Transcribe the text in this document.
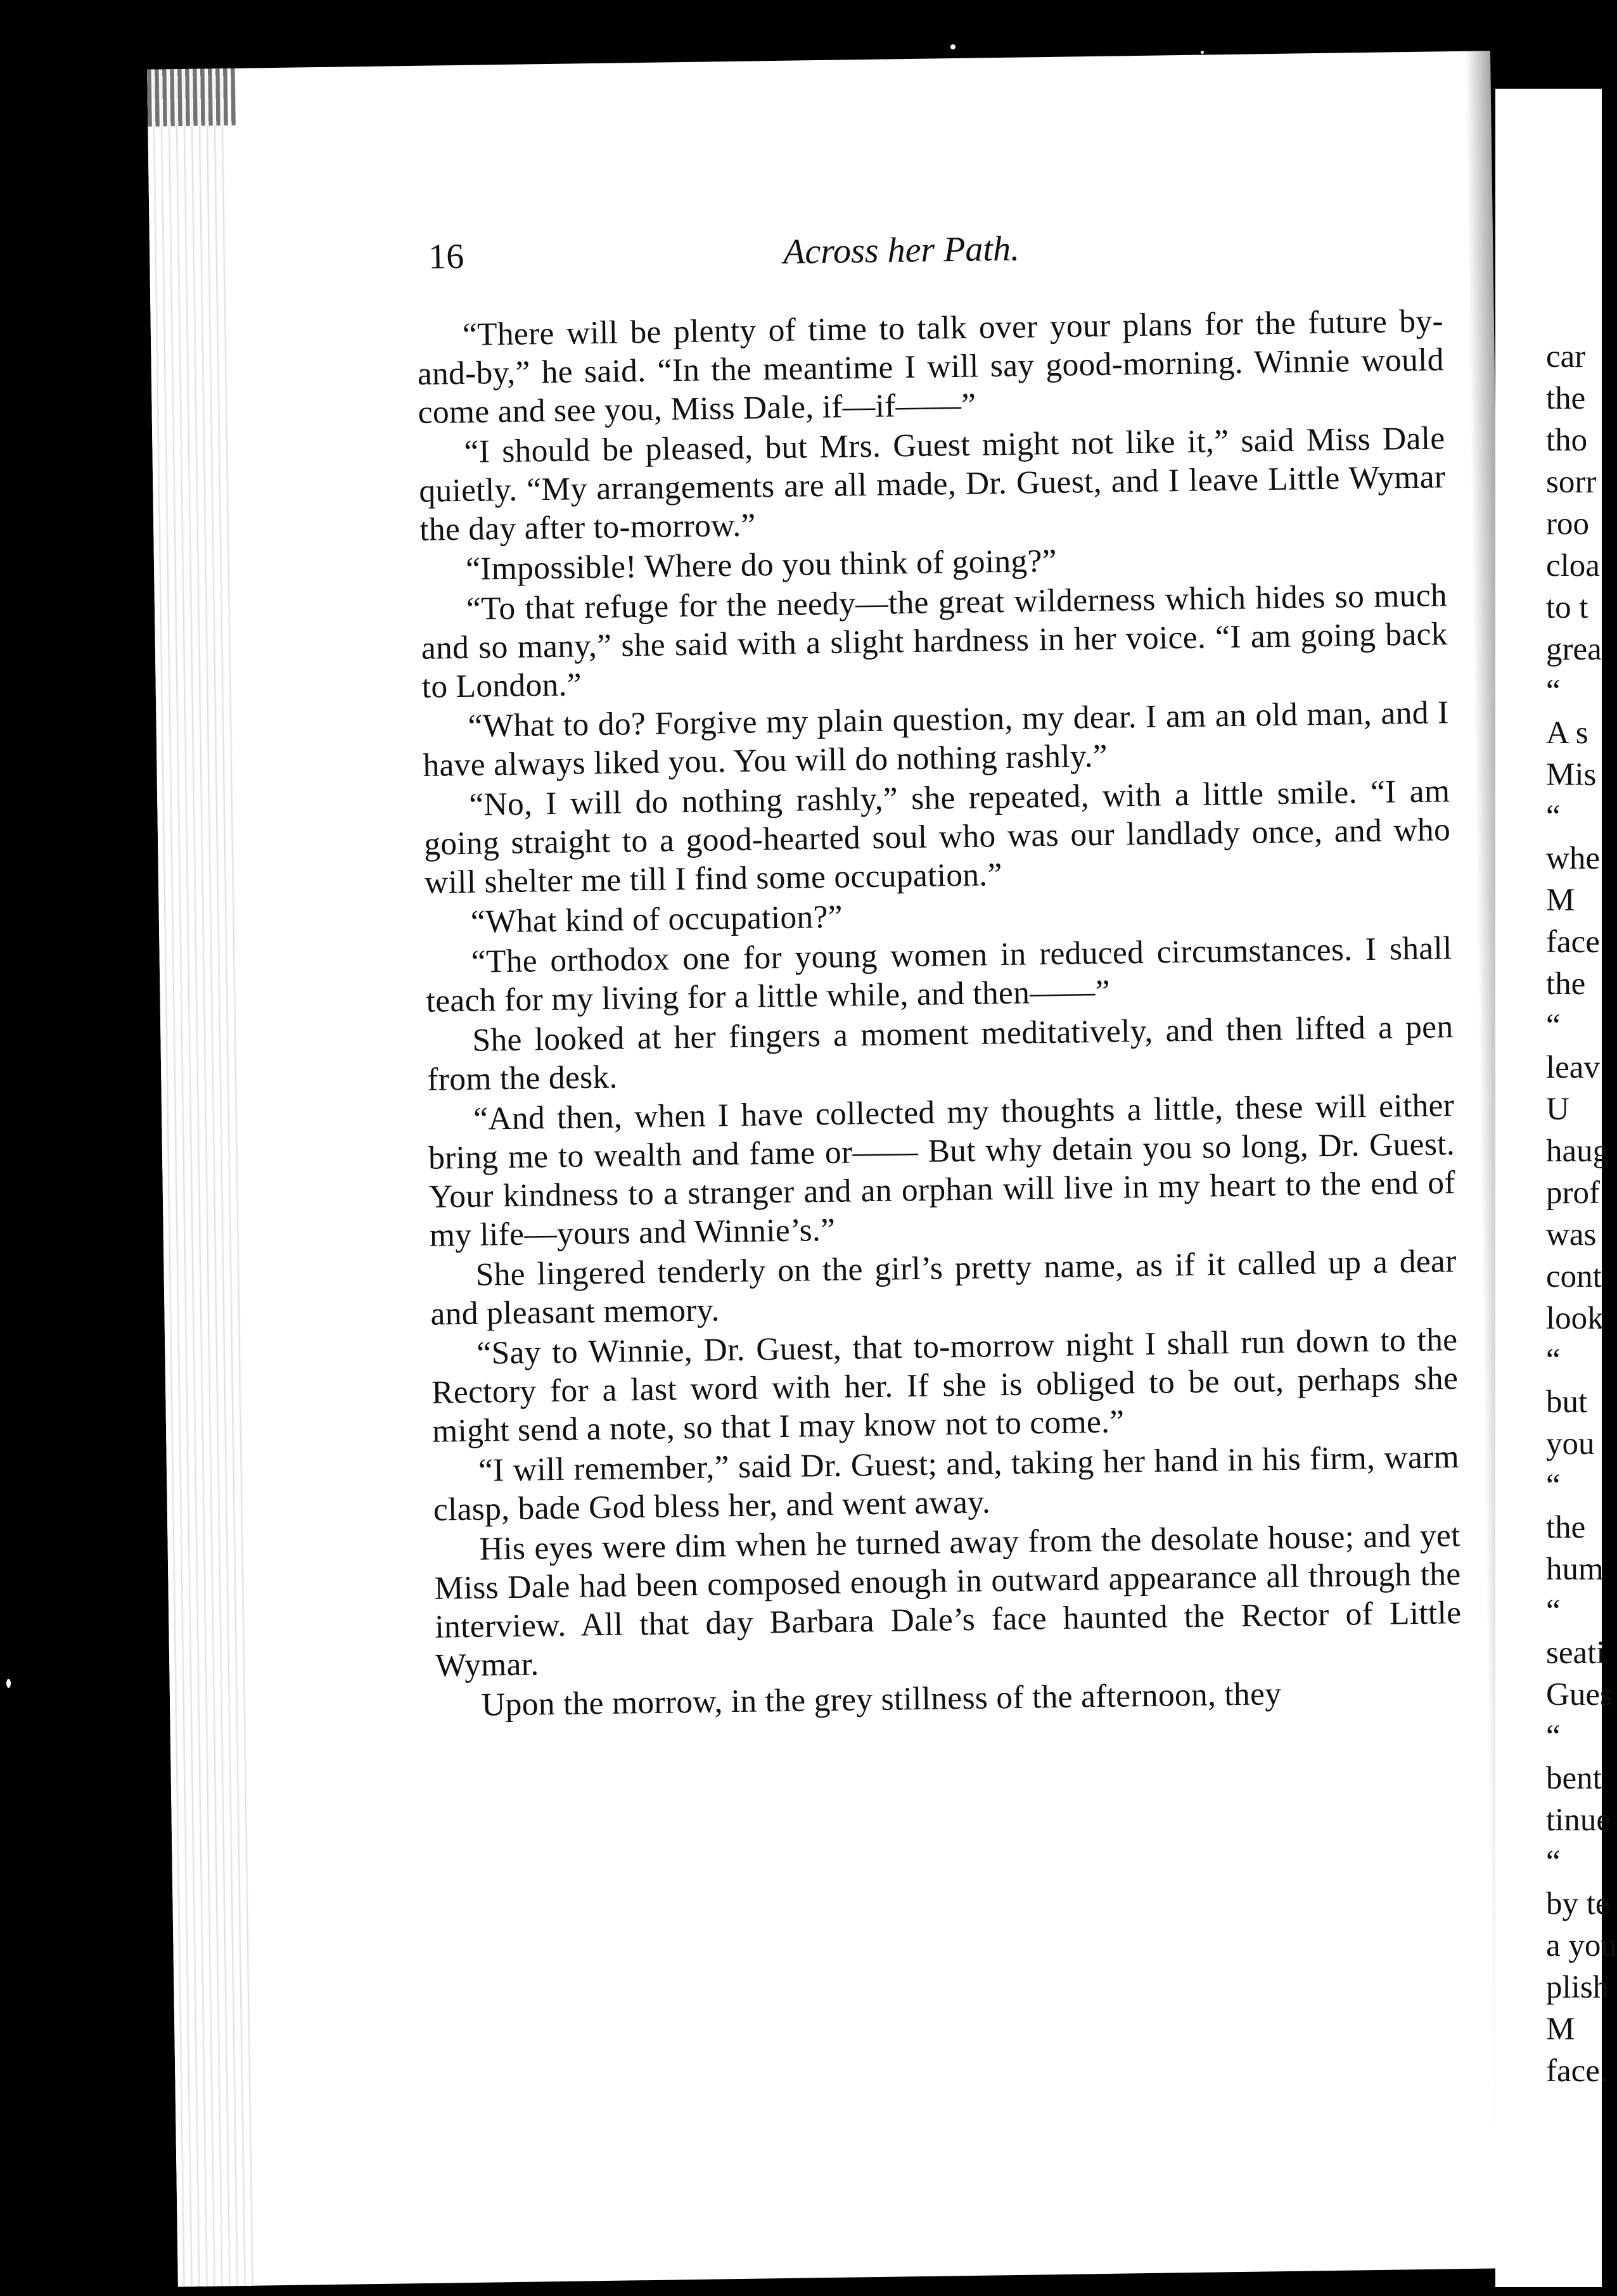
16	Across her Path.

“There will be plenty of time to talk over your plans for the future by-and-by,” he said. “In the meantime I will say good-morning. Winnie would come and see you, Miss Dale, if—if——”

“I should be pleased, but Mrs. Guest might not like it,” said Miss Dale quietly. “My arrangements are all made, Dr. Guest, and I leave Little Wymar the day after to-morrow.”

“Impossible! Where do you think of going?”

“To that refuge for the needy—the great wilderness which hides so much and so many,” she said with a slight hardness in her voice. “I am going back to London.”

“What to do? Forgive my plain question, my dear. I am an old man, and I have always liked you. You will do nothing rashly.”

“No, I will do nothing rashly,” she repeated, with a little smile. “I am going straight to a good-hearted soul who was our landlady once, and who will shelter me till I find some occupation.”

“What kind of occupation?”

“The orthodox one for young women in reduced circumstances. I shall teach for my living for a little while, and then——”

She looked at her fingers a moment meditatively, and then lifted a pen from the desk.

“And then, when I have collected my thoughts a little, these will either bring me to wealth and fame or—— But why detain you so long, Dr. Guest. Your kindness to a stranger and an orphan will live in my heart to the end of my life—yours and Winnie’s.”

She lingered tenderly on the girl’s pretty name, as if it called up a dear and pleasant memory.

“Say to Winnie, Dr. Guest, that to-morrow night I shall run down to the Rectory for a last word with her. If she is obliged to be out, perhaps she might send a note, so that I may know not to come.”

“I will remember,” said Dr. Guest; and, taking her hand in his firm, warm clasp, bade God bless her, and went away.

His eyes were dim when he turned away from the desolate house; and yet Miss Dale had been composed enough in outward appearance all through the interview. All that day Barbara Dale’s face haunted the Rector of Little Wymar.

Upon the morrow, in the grey stillness of the afternoon, they

car
the
tho
sorr
roo
cloa
to t
grea
“
A s
Mis
“
whe
M
face
the
“
leav
U
haug
prof
was
cont
look
“
but
you
“
the
hum
“
seati
Gues
“
bent
tinue
“
by te
a you
plish
M
face.
